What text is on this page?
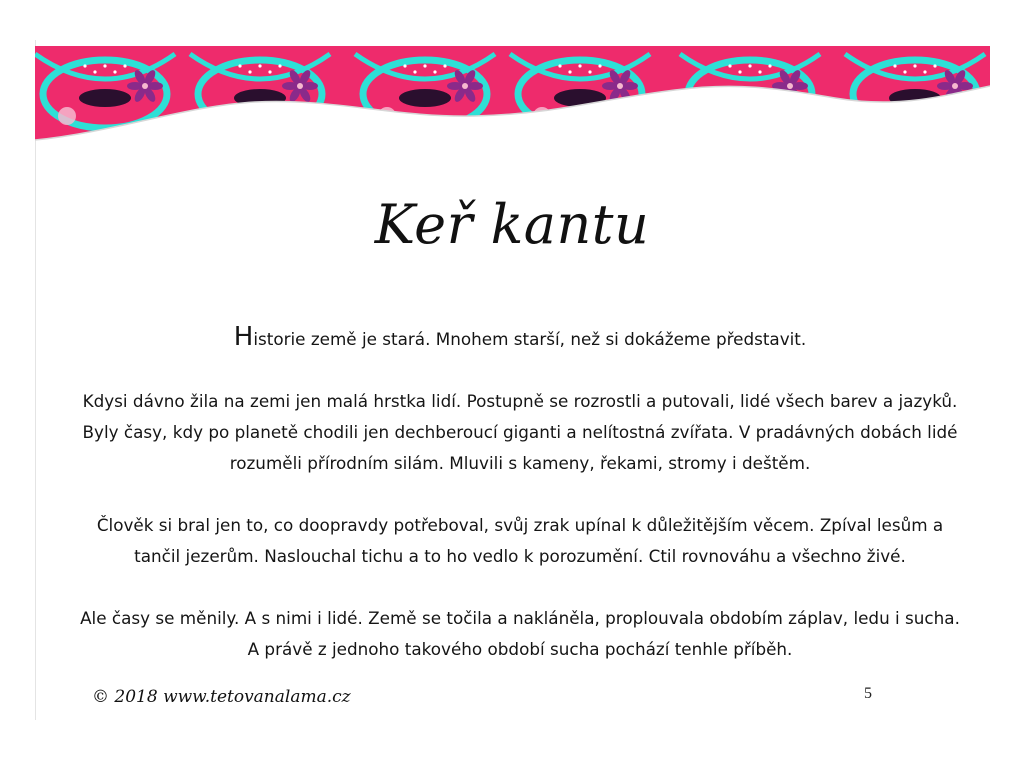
Keř kantu

Historie země je stará. Mnohem starší, než si dokážeme představit.

Kdysi dávno žila na zemi jen malá hrstka lidí. Postupně se rozrostli a putovali, lidé všech barev a jazyků. Byly časy, kdy po planetě chodili jen dechberoucí giganti a nelítostná zvířata. V pradávných dobách lidé rozuměli přírodním silám. Mluvili s kameny, řekami, stromy i deštěm.

Člověk si bral jen to, co doopravdy potřeboval, svůj zrak upínal k důležitějším věcem. Zpíval lesům a tančil jezerům. Naslouchal tichu a to ho vedlo k porozumění. Ctil rovnováhu a všechno živé.

Ale časy se měnily. A s nimi i lidé. Země se točila a nakláněla, proplouvala obdobím záplav, ledu i sucha. A právě z jednoho takového období sucha pochází tenhle příběh.

© 2018 www.tetovanalama.cz	5
